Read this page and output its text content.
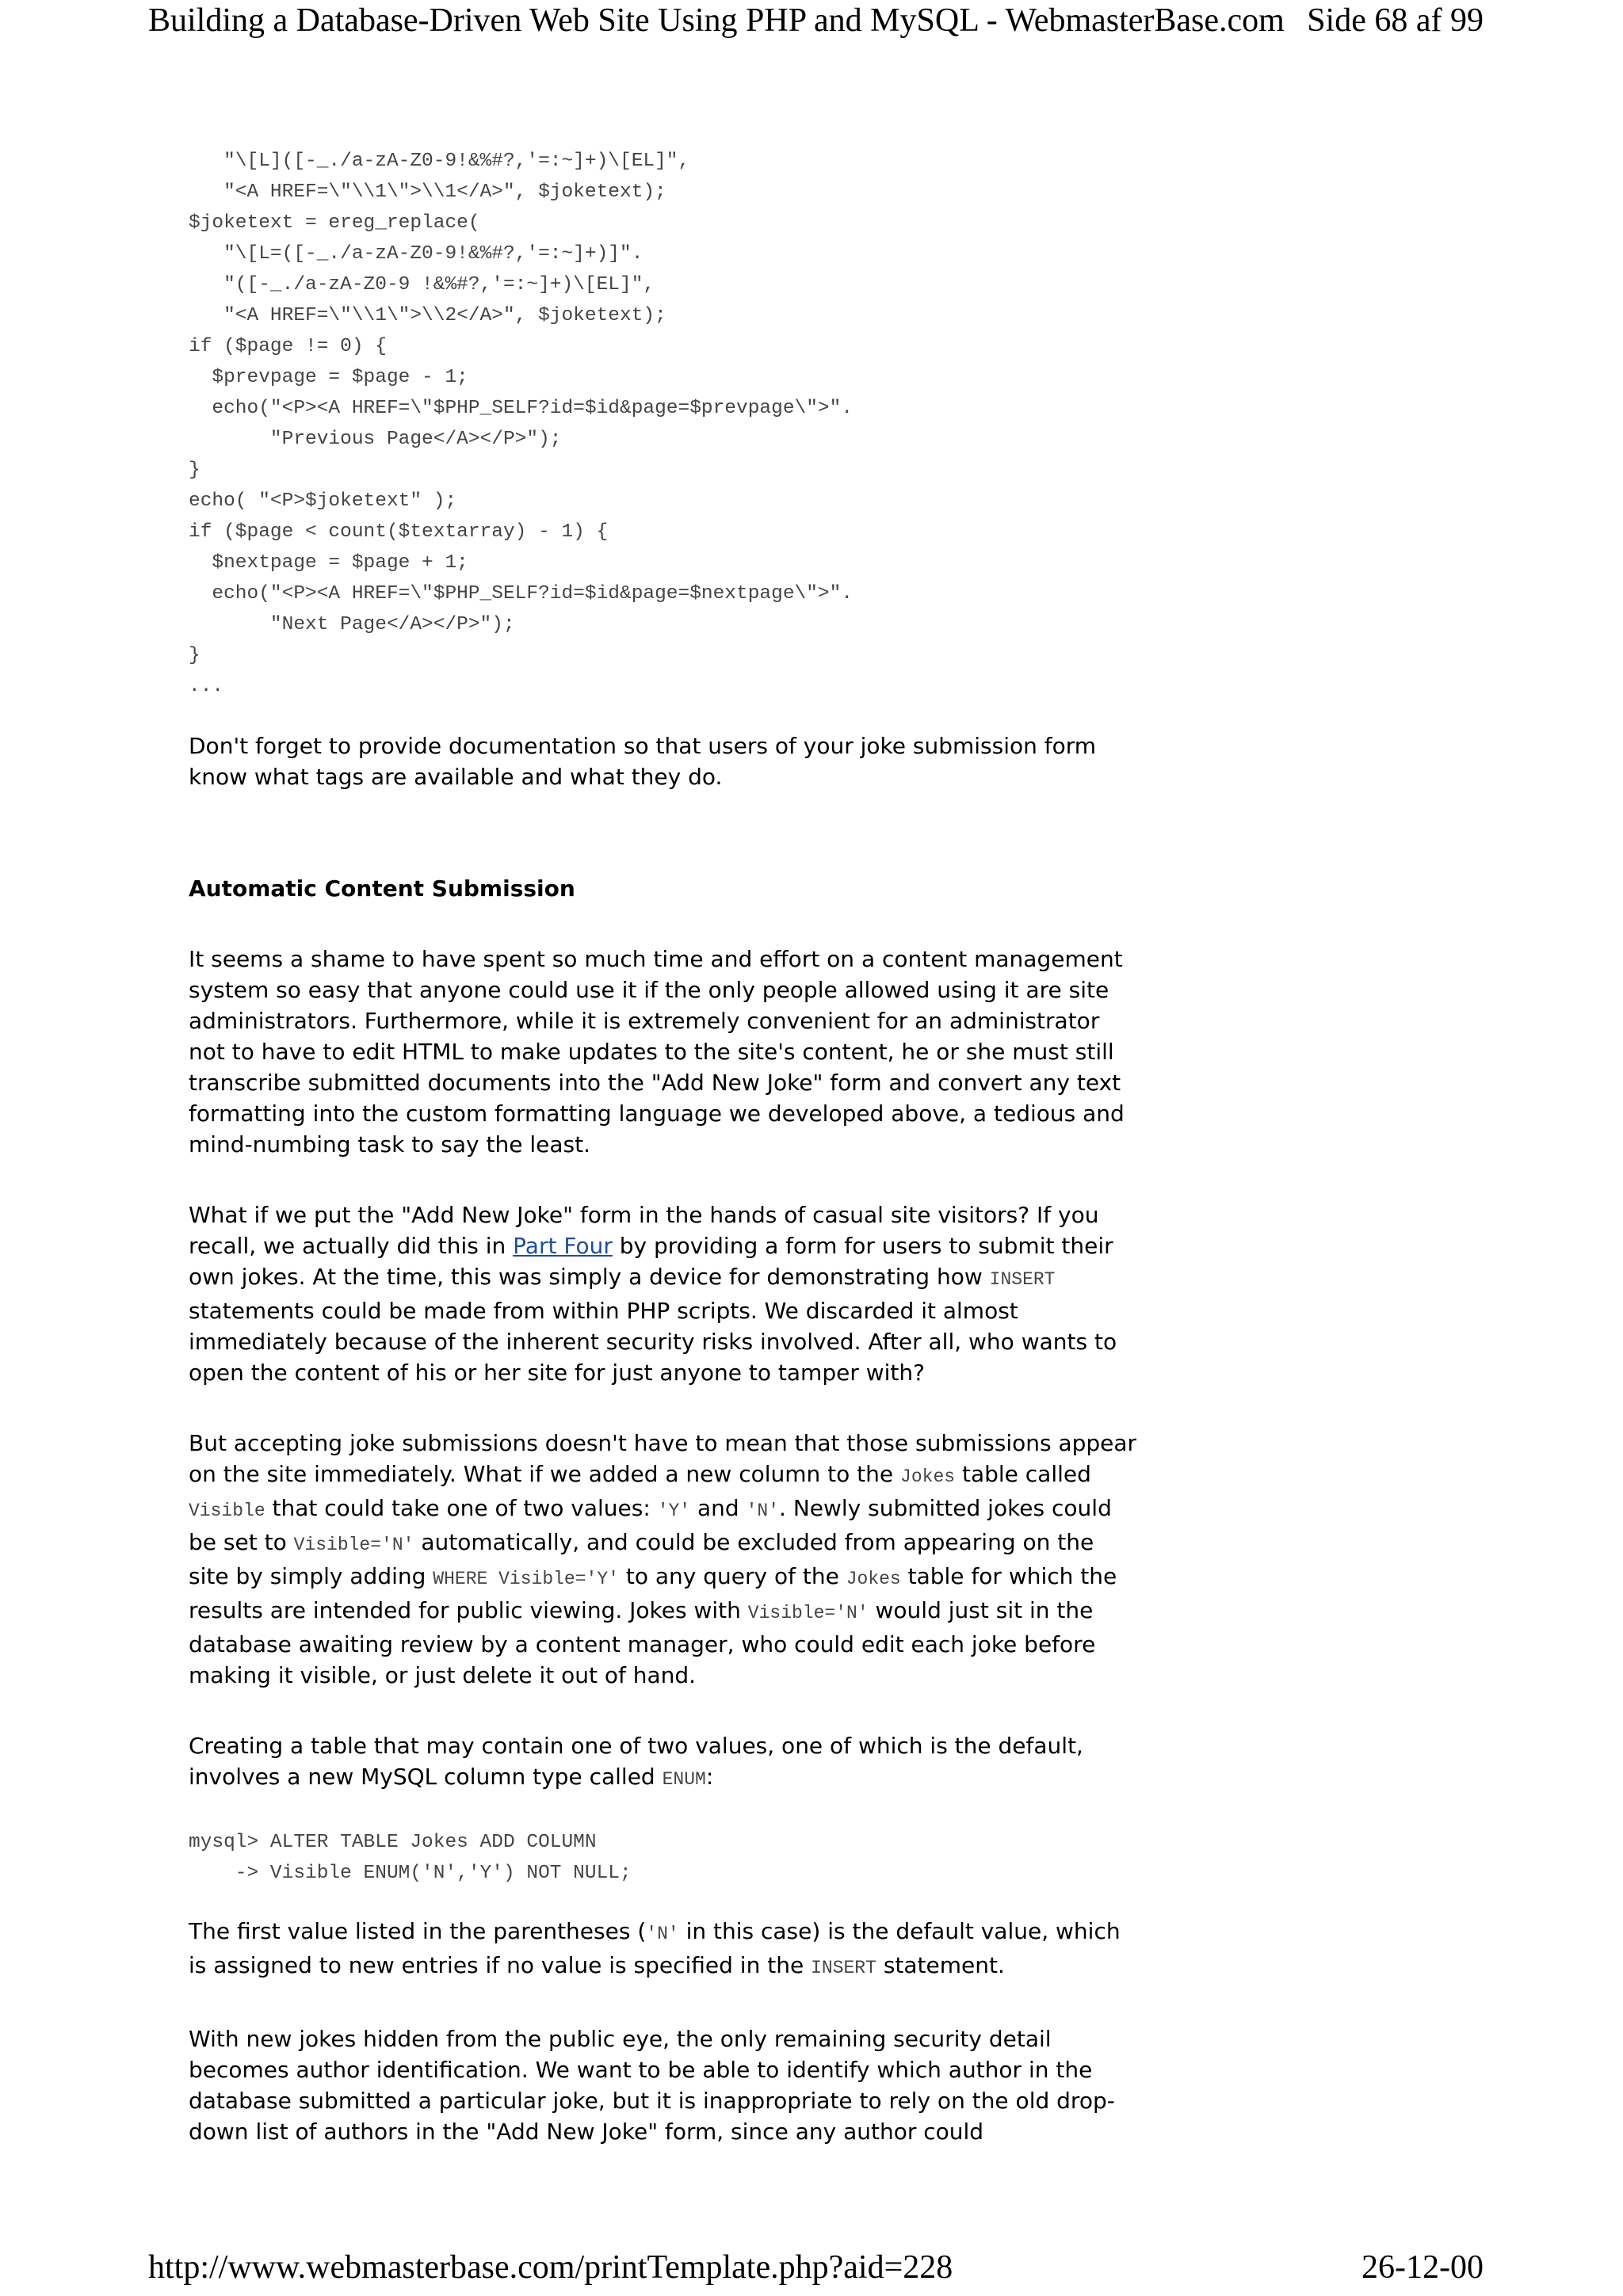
Building a Database-Driven Web Site Using PHP and MySQL - WebmasterBase.com Side 68 af 99
"\[L]([-_./a-zA-Z0-9!&%#?,'=:~]+)\[EL]",
"<A HREF=\"\\1\">\\1</A>", $joketext);
$joketext = ereg_replace(
"\[L=([-_./a-zA-Z0-9!&%#?,'=:~]+)]".
"([-_./a-zA-Z0-9 !&%#?,'=:~]+)\[EL]",
"<A HREF=\"\\1\">\\2</A>", $joketext);
if ($page != 0) {
$prevpage = $page - 1;
echo("<P><A HREF=\"$PHP_SELF?id=$id&page=$prevpage\">".
"Previous Page</A></P>");
}
echo( "<P>$joketext" );
if ($page < count($textarray) - 1) {
$nextpage = $page + 1;
echo("<P><A HREF=\"$PHP_SELF?id=$id&page=$nextpage\">".
"Next Page</A></P>");
}
...

Don't forget to provide documentation so that users of your joke submission form know what tags are available and what they do.

Automatic Content Submission

It seems a shame to have spent so much time and effort on a content management system so easy that anyone could use it if the only people allowed using it are site administrators. Furthermore, while it is extremely convenient for an administrator not to have to edit HTML to make updates to the site's content, he or she must still transcribe submitted documents into the "Add New Joke" form and convert any text formatting into the custom formatting language we developed above, a tedious and mind-numbing task to say the least.

What if we put the "Add New Joke" form in the hands of casual site visitors? If you recall, we actually did this in Part Four by providing a form for users to submit their own jokes. At the time, this was simply a device for demonstrating how INSERT statements could be made from within PHP scripts. We discarded it almost immediately because of the inherent security risks involved. After all, who wants to open the content of his or her site for just anyone to tamper with?

But accepting joke submissions doesn't have to mean that those submissions appear on the site immediately. What if we added a new column to the Jokes table called Visible that could take one of two values: 'Y' and 'N'. Newly submitted jokes could be set to Visible='N' automatically, and could be excluded from appearing on the site by simply adding WHERE Visible='Y' to any query of the Jokes table for which the results are intended for public viewing. Jokes with Visible='N' would just sit in the database awaiting review by a content manager, who could edit each joke before making it visible, or just delete it out of hand.

Creating a table that may contain one of two values, one of which is the default, involves a new MySQL column type called ENUM:

mysql> ALTER TABLE Jokes ADD COLUMN
-> Visible ENUM('N','Y') NOT NULL;

The first value listed in the parentheses ('N' in this case) is the default value, which is assigned to new entries if no value is specified in the INSERT statement.

With new jokes hidden from the public eye, the only remaining security detail becomes author identification. We want to be able to identify which author in the database submitted a particular joke, but it is inappropriate to rely on the old drop-down list of authors in the "Add New Joke" form, since any author could

http://www.webmasterbase.com/printTemplate.php?aid=228	26-12-00
